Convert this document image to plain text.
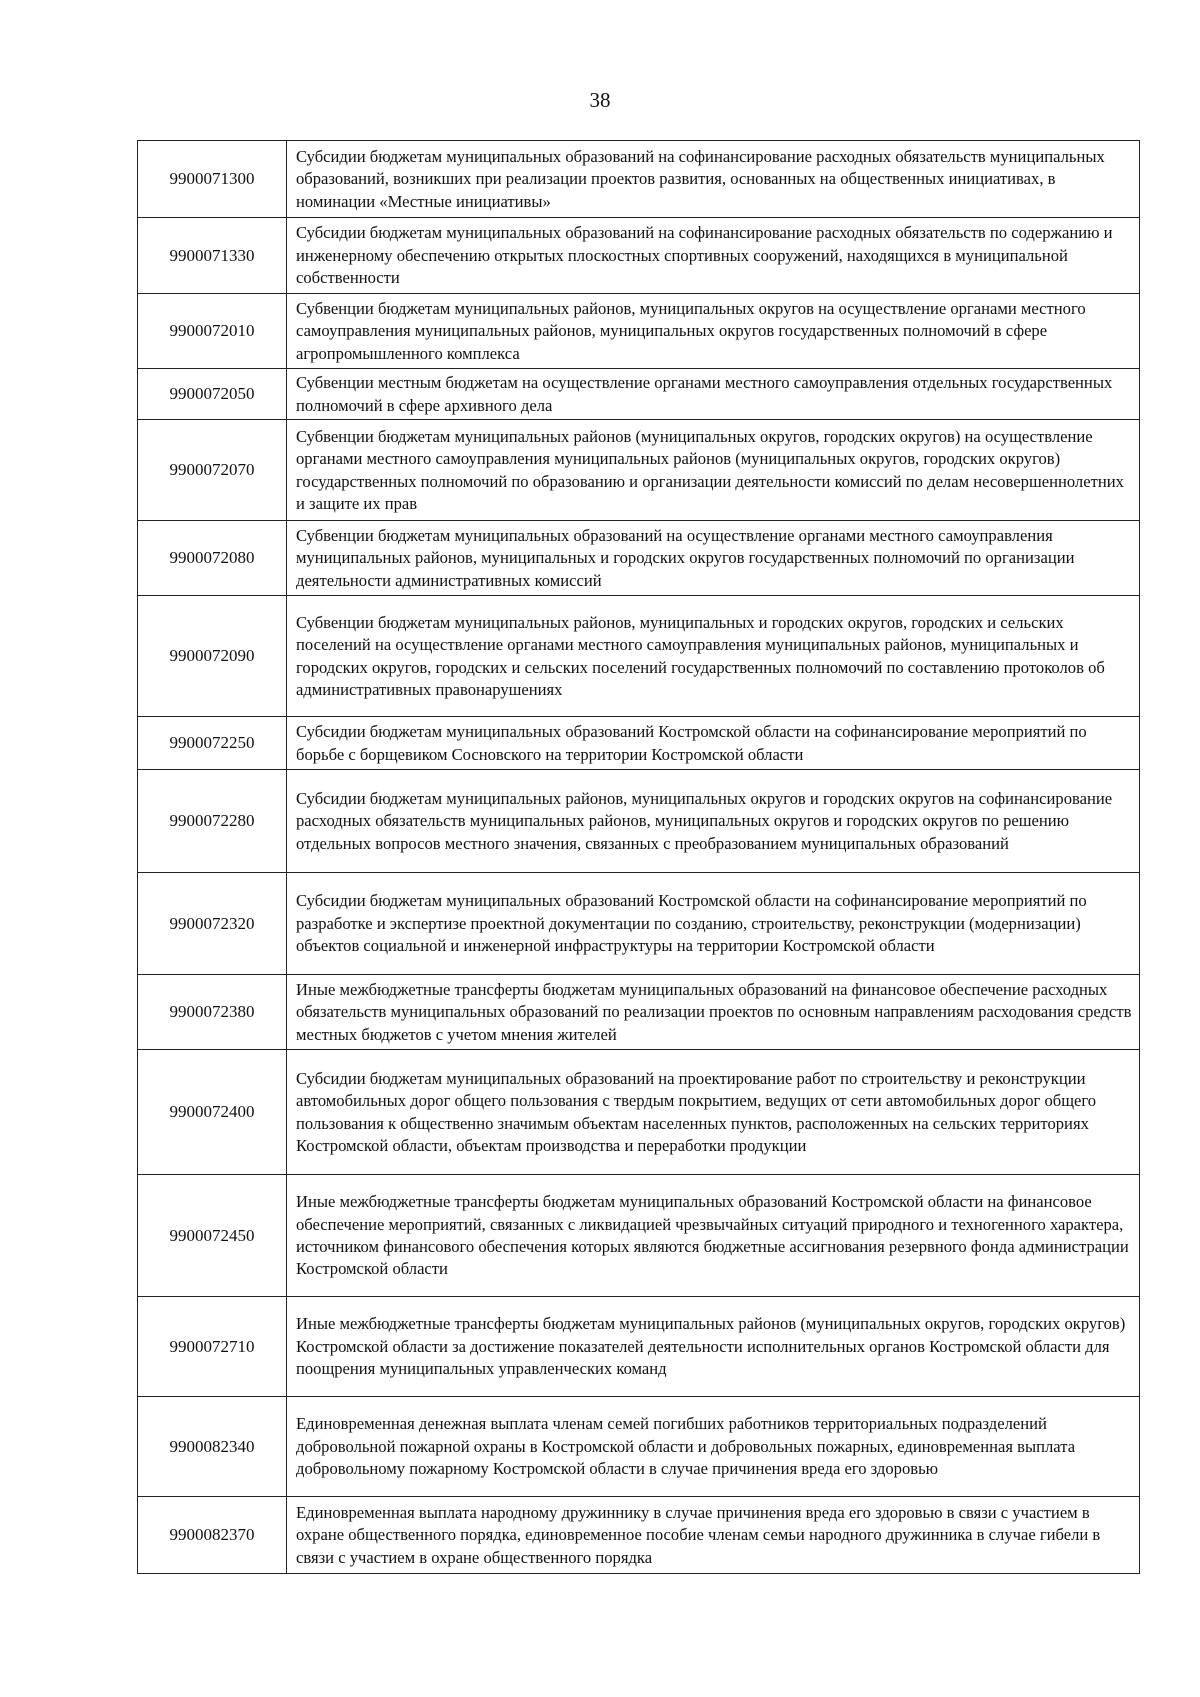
38
9900071300	Субсидии бюджетам муниципальных образований на софинансирование расходных обязательств муниципальных образований, возникших при реализации проектов развития, основанных на общественных инициативах, в номинации «Местные инициативы»
9900071330	Субсидии бюджетам муниципальных образований на софинансирование расходных обязательств по содержанию и инженерному обеспечению открытых плоскостных спортивных сооружений, находящихся в муниципальной собственности
9900072010	Субвенции бюджетам муниципальных районов, муниципальных округов на осуществление органами местного самоуправления муниципальных районов, муниципальных округов государственных полномочий в сфере агропромышленного комплекса
9900072050	Субвенции местным бюджетам на осуществление органами местного самоуправления отдельных государственных полномочий в сфере архивного дела
9900072070	Субвенции бюджетам муниципальных районов (муниципальных округов, городских округов) на осуществление органами местного самоуправления муниципальных районов (муниципальных округов, городских округов) государственных полномочий по образованию и организации деятельности комиссий по делам несовершеннолетних и защите их прав
9900072080	Субвенции бюджетам муниципальных образований на осуществление органами местного самоуправления муниципальных районов, муниципальных и городских округов государственных полномочий по организации деятельности административных комиссий
9900072090	Субвенции бюджетам муниципальных районов, муниципальных и городских округов, городских и сельских поселений на осуществление органами местного самоуправления муниципальных районов, муниципальных и городских округов, городских и сельских поселений государственных полномочий по составлению протоколов об административных правонарушениях
9900072250	Субсидии бюджетам муниципальных образований Костромской области на софинансирование мероприятий по борьбе с борщевиком Сосновского на территории Костромской области
9900072280	Субсидии бюджетам муниципальных районов, муниципальных округов и городских округов на софинансирование расходных обязательств муниципальных районов, муниципальных округов и городских округов по решению отдельных вопросов местного значения, связанных с преобразованием муниципальных образований
9900072320	Субсидии бюджетам муниципальных образований Костромской области на софинансирование мероприятий по разработке и экспертизе проектной документации по созданию, строительству, реконструкции (модернизации) объектов социальной и инженерной инфраструктуры на территории Костромской области
9900072380	Иные межбюджетные трансферты бюджетам муниципальных образований на финансовое обеспечение расходных обязательств муниципальных образований по реализации проектов по основным направлениям расходования средств местных бюджетов с учетом мнения жителей
9900072400	Субсидии бюджетам муниципальных образований на проектирование работ по строительству и реконструкции автомобильных дорог общего пользования с твердым покрытием, ведущих от сети автомобильных дорог общего пользования к общественно значимым объектам населенных пунктов, расположенных на сельских территориях Костромской области, объектам производства и переработки продукции
9900072450	Иные межбюджетные трансферты бюджетам муниципальных образований Костромской области на финансовое обеспечение мероприятий, связанных с ликвидацией чрезвычайных ситуаций природного и техногенного характера, источником финансового обеспечения которых являются бюджетные ассигнования резервного фонда администрации Костромской области
9900072710	Иные межбюджетные трансферты бюджетам муниципальных районов (муниципальных округов, городских округов) Костромской области за достижение показателей деятельности исполнительных органов Костромской области для поощрения муниципальных управленческих команд
9900082340	Единовременная денежная выплата членам семей погибших работников территориальных подразделений добровольной пожарной охраны в Костромской области и добровольных пожарных, единовременная выплата добровольному пожарному Костромской области в случае причинения вреда его здоровью
9900082370	Единовременная выплата народному дружиннику в случае причинения вреда его здоровью в связи с участием в охране общественного порядка, единовременное пособие членам семьи народного дружинника в случае гибели в связи с участием в охране общественного порядка
